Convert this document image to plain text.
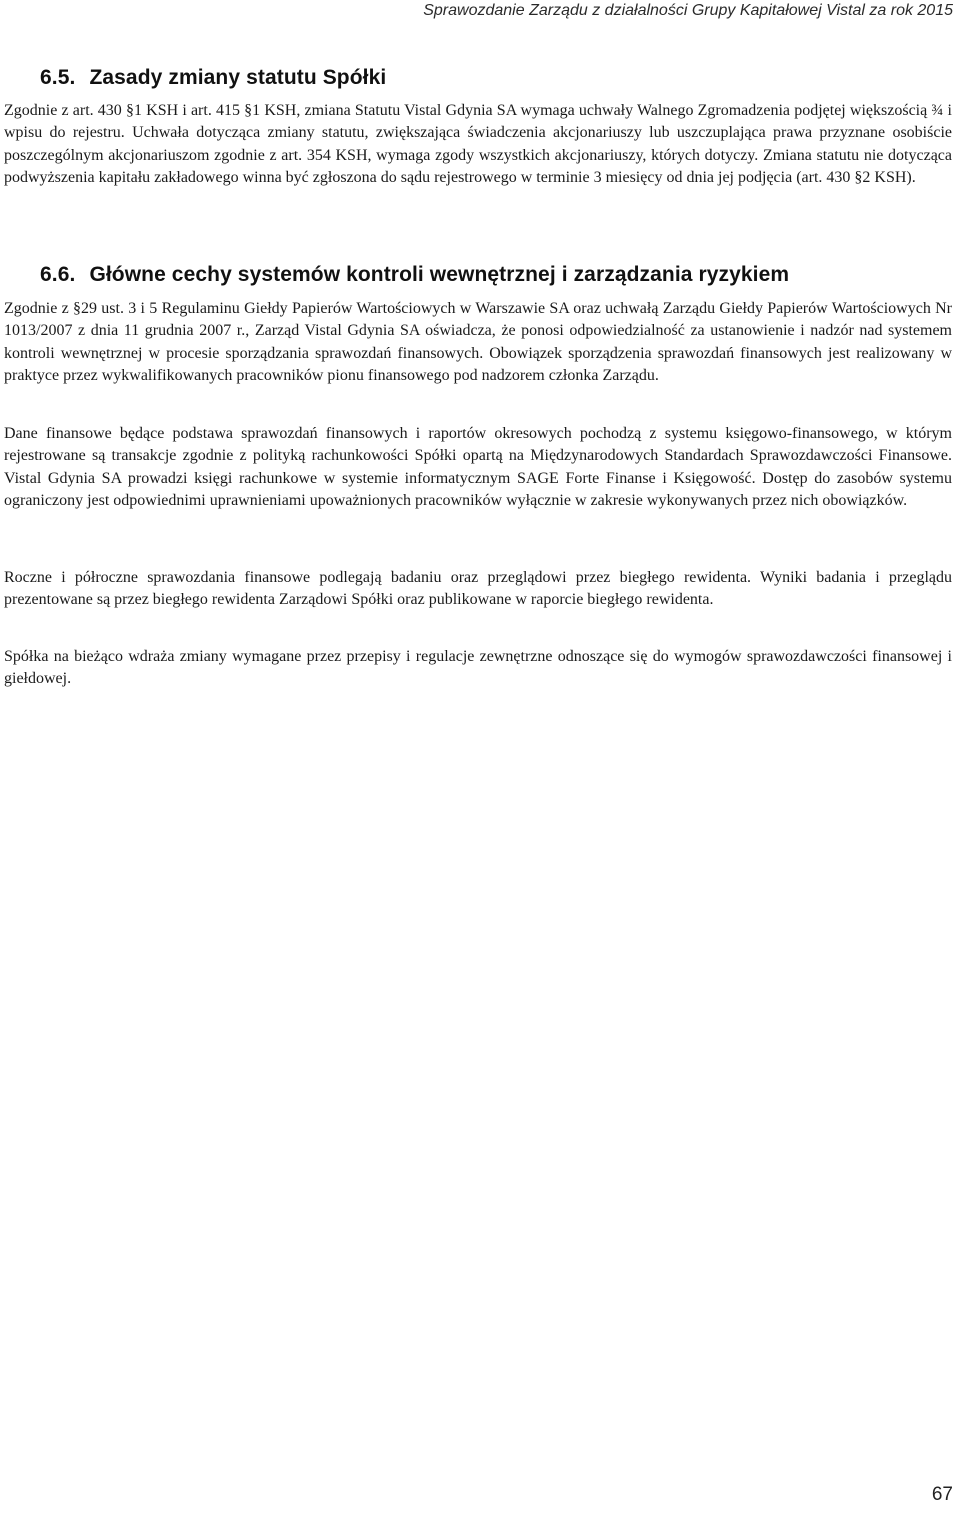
Sprawozdanie Zarządu z działalności Grupy Kapitałowej Vistal za rok 2015
6.5. Zasady zmiany statutu Spółki

Zgodnie z art. 430 §1 KSH i art. 415 §1 KSH, zmiana Statutu Vistal Gdynia SA wymaga uchwały Walnego Zgromadzenia podjętej większością ¾ i wpisu do rejestru. Uchwała dotycząca zmiany statutu, zwiększająca świadczenia akcjonariuszy lub uszczuplająca prawa przyznane osobiście poszczególnym akcjonariuszom zgodnie z art. 354 KSH, wymaga zgody wszystkich akcjonariuszy, których dotyczy. Zmiana statutu nie dotycząca podwyższenia kapitału zakładowego winna być zgłoszona do sądu rejestrowego w terminie 3 miesięcy od dnia jej podjęcia (art. 430 §2 KSH).

6.6. Główne cechy systemów kontroli wewnętrznej i zarządzania ryzykiem

Zgodnie z §29 ust. 3 i 5 Regulaminu Giełdy Papierów Wartościowych w Warszawie SA oraz uchwałą Zarządu Giełdy Papierów Wartościowych Nr 1013/2007 z dnia 11 grudnia 2007 r., Zarząd Vistal Gdynia SA oświadcza, że ponosi odpowiedzialność za ustanowienie i nadzór nad systemem kontroli wewnętrznej w procesie sporządzania sprawozdań finansowych. Obowiązek sporządzenia sprawozdań finansowych jest realizowany w praktyce przez wykwalifikowanych pracowników pionu finansowego pod nadzorem członka Zarządu.

Dane finansowe będące podstawa sprawozdań finansowych i raportów okresowych pochodzą z systemu księgowo-finansowego, w którym rejestrowane są transakcje zgodnie z polityką rachunkowości Spółki opartą na Międzynarodowych Standardach Sprawozdawczości Finansowe. Vistal Gdynia SA prowadzi księgi rachunkowe w systemie informatycznym SAGE Forte Finanse i Księgowość. Dostęp do zasobów systemu ograniczony jest odpowiednimi uprawnieniami upoważnionych pracowników wyłącznie w zakresie wykonywanych przez nich obowiązków.

Roczne i półroczne sprawozdania finansowe podlegają badaniu oraz przeglądowi przez biegłego rewidenta. Wyniki badania i przeglądu prezentowane są przez biegłego rewidenta Zarządowi Spółki oraz publikowane w raporcie biegłego rewidenta.

Spółka na bieżąco wdraża zmiany wymagane przez przepisy i regulacje zewnętrzne odnoszące się do wymogów sprawozdawczości finansowej i giełdowej.

67
